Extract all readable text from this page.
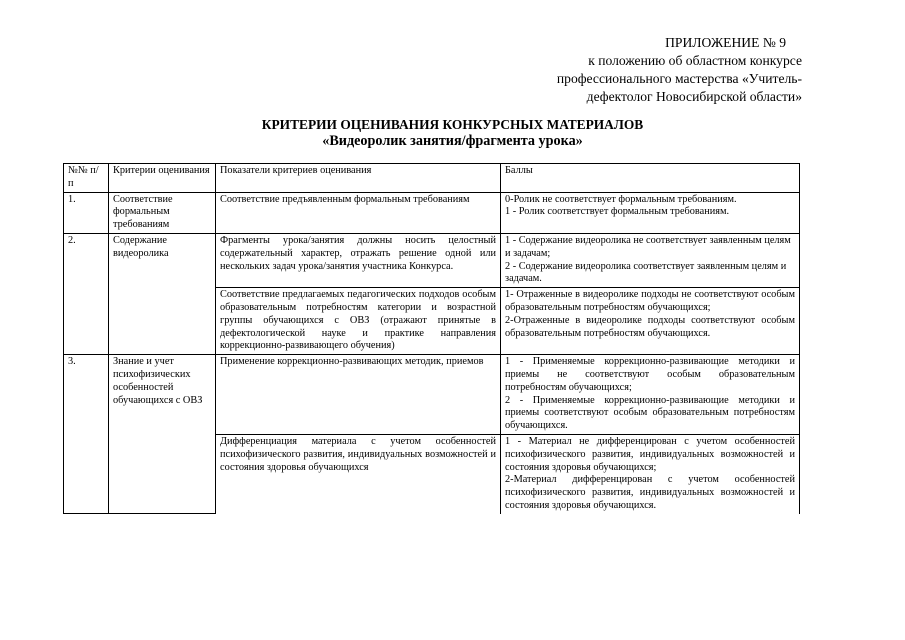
ПРИЛОЖЕНИЕ № 9
к положению об областном конкурсе
профессионального мастерства «Учитель-
дефектолог Новосибирской области»
КРИТЕРИИ ОЦЕНИВАНИЯ КОНКУРСНЫХ МАТЕРИАЛОВ
«Видеоролик занятия/фрагмента урока»
№№ п/п	Критерии оценивания	Показатели критериев оценивания	Баллы
1.	Соответствие формальным требованиям	Соответствие предъявленным формальным требованиям	0-Ролик не соответствует формальным требованиям.
1 - Ролик соответствует формальным требованиям.

2.	Содержание видеоролика	Фрагменты урока/занятия должны носить целостный содержательный характер, отражать решение одной или нескольких задач урока/занятия участника Конкурса.	1 - Содержание видеоролика не соответствует заявленным целям и задачам;
2 - Содержание видеоролика соответствует заявленным целям и задачам.

		Соответствие предлагаемых педагогических подходов особым образовательным потребностям категории и возрастной группы обучающихся с ОВЗ (отражают принятые в дефектологической науке и практике направления коррекционно-развивающего обучения)	1- Отраженные в видеоролике подходы не соответствуют особым образовательным потребностям обучающихся;
2-Отраженные в видеоролике подходы соответствуют особым образовательным потребностям обучающихся.

3.	Знание и учет психофизических особенностей обучающихся с ОВЗ	Применение коррекционно-развивающих методик, приемов	1 - Применяемые коррекционно-развивающие методики и приемы не соответствуют особым образовательным потребностям обучающихся;
2 - Применяемые коррекционно-развивающие методики и приемы соответствуют особым образовательным потребностям обучающихся.

		Дифференциация материала с учетом особенностей психофизического развития, индивидуальных возможностей и состояния здоровья обучающихся	1 - Материал не дифференцирован с учетом особенностей психофизического развития, индивидуальных возможностей и состояния здоровья обучающихся;
2-Материал дифференцирован с учетом особенностей психофизического развития, индивидуальных возможностей и состояния здоровья обучающихся.
